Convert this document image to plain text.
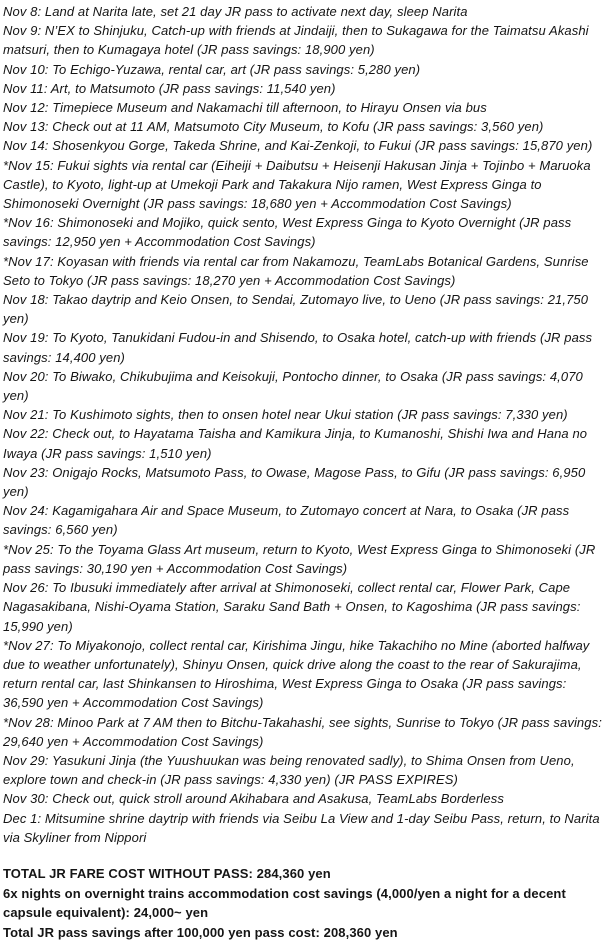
Nov 8: Land at Narita late, set 21 day JR pass to activate next day, sleep Narita

Nov 9: N’EX to Shinjuku, Catch-up with friends at Jindaiji, then to Sukagawa for the Taimatsu Akashi matsuri, then to Kumagaya hotel (JR pass savings: 18,900 yen)

Nov 10: To Echigo-Yuzawa, rental car, art (JR pass savings: 5,280 yen)

Nov 11: Art, to Matsumoto (JR pass savings: 11,540 yen)

Nov 12: Timepiece Museum and Nakamachi till afternoon, to Hirayu Onsen via bus

Nov 13: Check out at 11 AM, Matsumoto City Museum, to Kofu (JR pass savings: 3,560 yen)

Nov 14: Shosenkyou Gorge, Takeda Shrine, and Kai-Zenkoji, to Fukui (JR pass savings: 15,870 yen)

*Nov 15: Fukui sights via rental car (Eiheiji + Daibutsu + Heisenji Hakusan Jinja + Tojinbo + Maruoka Castle), to Kyoto, light-up at Umekoji Park and Takakura Nijo ramen, West Express Ginga to Shimonoseki Overnight (JR pass savings: 18,680 yen + Accommodation Cost Savings)

*Nov 16: Shimonoseki and Mojiko, quick sento, West Express Ginga to Kyoto Overnight (JR pass savings: 12,950 yen + Accommodation Cost Savings)

*Nov 17: Koyasan with friends via rental car from Nakamozu, TeamLabs Botanical Gardens, Sunrise Seto to Tokyo (JR pass savings: 18,270 yen + Accommodation Cost Savings)

Nov 18: Takao daytrip and Keio Onsen, to Sendai, Zutomayo live, to Ueno (JR pass savings: 21,750 yen)

Nov 19: To Kyoto, Tanukidani Fudou-in and Shisendo, to Osaka hotel, catch-up with friends (JR pass savings: 14,400 yen)

Nov 20: To Biwako, Chikubujima and Keisokuji, Pontocho dinner, to Osaka (JR pass savings: 4,070 yen)

Nov 21: To Kushimoto sights, then to onsen hotel near Ukui station (JR pass savings: 7,330 yen)

Nov 22: Check out, to Hayatama Taisha and Kamikura Jinja, to Kumanoshi, Shishi Iwa and Hana no Iwaya (JR pass savings: 1,510 yen)

Nov 23: Onigajo Rocks, Matsumoto Pass, to Owase, Magose Pass, to Gifu (JR pass savings: 6,950 yen)

Nov 24: Kagamigahara Air and Space Museum, to Zutomayo concert at Nara, to Osaka (JR pass savings: 6,560 yen)

*Nov 25: To the Toyama Glass Art museum, return to Kyoto, West Express Ginga to Shimonoseki (JR pass savings: 30,190 yen + Accommodation Cost Savings)

Nov 26: To Ibusuki immediately after arrival at Shimonoseki, collect rental car, Flower Park, Cape Nagasakibana, Nishi-Oyama Station, Saraku Sand Bath + Onsen, to Kagoshima (JR pass savings: 15,990 yen)

*Nov 27: To Miyakonojo, collect rental car, Kirishima Jingu, hike Takachiho no Mine (aborted halfway due to weather unfortunately), Shinyu Onsen, quick drive along the coast to the rear of Sakurajima, return rental car, last Shinkansen to Hiroshima, West Express Ginga to Osaka (JR pass savings: 36,590 yen + Accommodation Cost Savings)

*Nov 28: Minoo Park at 7 AM then to Bitchu-Takahashi, see sights, Sunrise to Tokyo (JR pass savings: 29,640 yen + Accommodation Cost Savings)

Nov 29: Yasukuni Jinja (the Yuushuukan was being renovated sadly), to Shima Onsen from Ueno, explore town and check-in (JR pass savings: 4,330 yen) (JR PASS EXPIRES)

Nov 30: Check out, quick stroll around Akihabara and Asakusa, TeamLabs Borderless

Dec 1: Mitsumine shrine daytrip with friends via Seibu La View and 1-day Seibu Pass, return, to Narita via Skyliner from Nippori

TOTAL JR FARE COST WITHOUT PASS: 284,360 yen

6x nights on overnight trains accommodation cost savings (4,000/yen a night for a decent capsule equivalent): 24,000~ yen

Total JR pass savings after 100,000 yen pass cost: 208,360 yen
